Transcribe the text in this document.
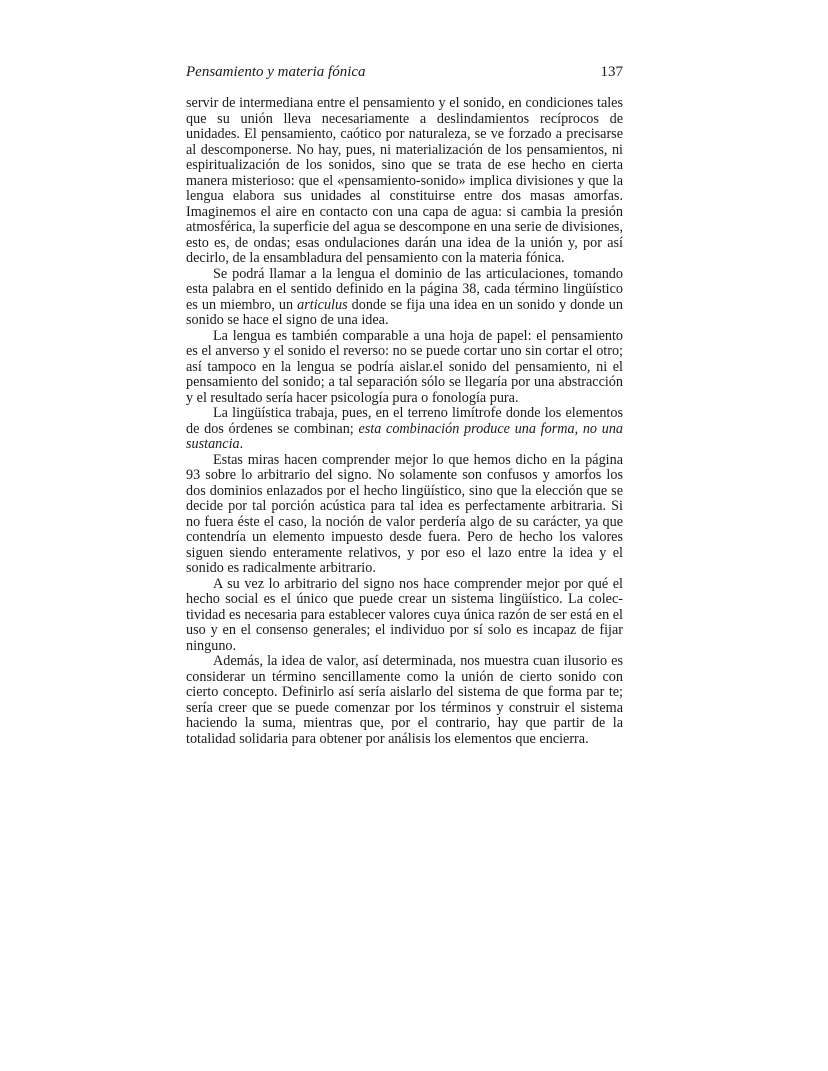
Pensamiento y materia fónica	137

servir de intermediana entre el pensamiento y el sonido, en condiciones tales que su unión lleva necesariamente a deslindamientos recíprocos de unidades. El pensamiento, caótico por naturaleza, se ve forzado a precisarse al descomponerse. No hay, pues, ni materialización de los pensamientos, ni espiritualización de los sonidos, sino que se trata de ese hecho en cierta manera misterioso: que el «pensamiento-sonido» implica divisiones y que la lengua elabora sus unidades al constituirse entre dos masas amorfas. Imaginemos el aire en contacto con una capa de agua: si cambia la presión atmosférica, la superficie del agua se descompone en una serie de divisiones, esto es, de ondas; esas ondulaciones darán una idea de la unión y, por así decirlo, de la ensambladura del pensamiento con la materia fónica.

Se podrá llamar a la lengua el dominio de las articulaciones, tomando esta palabra en el sentido definido en la página 38, cada término lingüístico es un miembro, un articulus donde se fija una idea en un sonido y donde un sonido se hace el signo de una idea.

La lengua es también comparable a una hoja de papel: el pensamiento es el anverso y el sonido el reverso: no se puede cortar uno sin cortar el otro; así tampoco en la lengua se podría aislar.el sonido del pensamiento, ni el pensamiento del sonido; a tal separación sólo se llegaría por una abstracción y el resultado sería hacer psicología pura o fonología pura.

La lingüística trabaja, pues, en el terreno limítrofe donde los elementos de dos órdenes se combinan; esta combinación produce una forma, no una sustancia.

Estas miras hacen comprender mejor lo que hemos dicho en la página 93 sobre lo arbitrario del signo. No solamente son confusos y amorfos los dos dominios enlazados por el hecho lingüístico, sino que la elección que se decide por tal porción acústica para tal idea es perfectamente arbitraria. Si no fuera éste el caso, la noción de valor perdería algo de su carácter, ya que contendría un elemento impuesto desde fuera. Pero de hecho los valores siguen siendo enteramente relativos, y por eso el lazo entre la idea y el sonido es radicalmente arbitrario.

A su vez lo arbitrario del signo nos hace comprender mejor por qué el hecho social es el único que puede crear un sistema lingüístico. La colectividad es necesaria para establecer valores cuya única razón de ser está en el uso y en el consenso generales; el individuo por sí solo es incapaz de fijar ninguno.

Además, la idea de valor, así determinada, nos muestra cuan ilusorio es considerar un término sencillamente como la unión de cierto sonido con cierto concepto. Definirlo así sería aislarlo del sistema de que forma par te; sería creer que se puede comenzar por los términos y construir el sistema haciendo la suma, mientras que, por el contrario, hay que partir de la totalidad solidaria para obtener por análisis los elementos que encierra.
